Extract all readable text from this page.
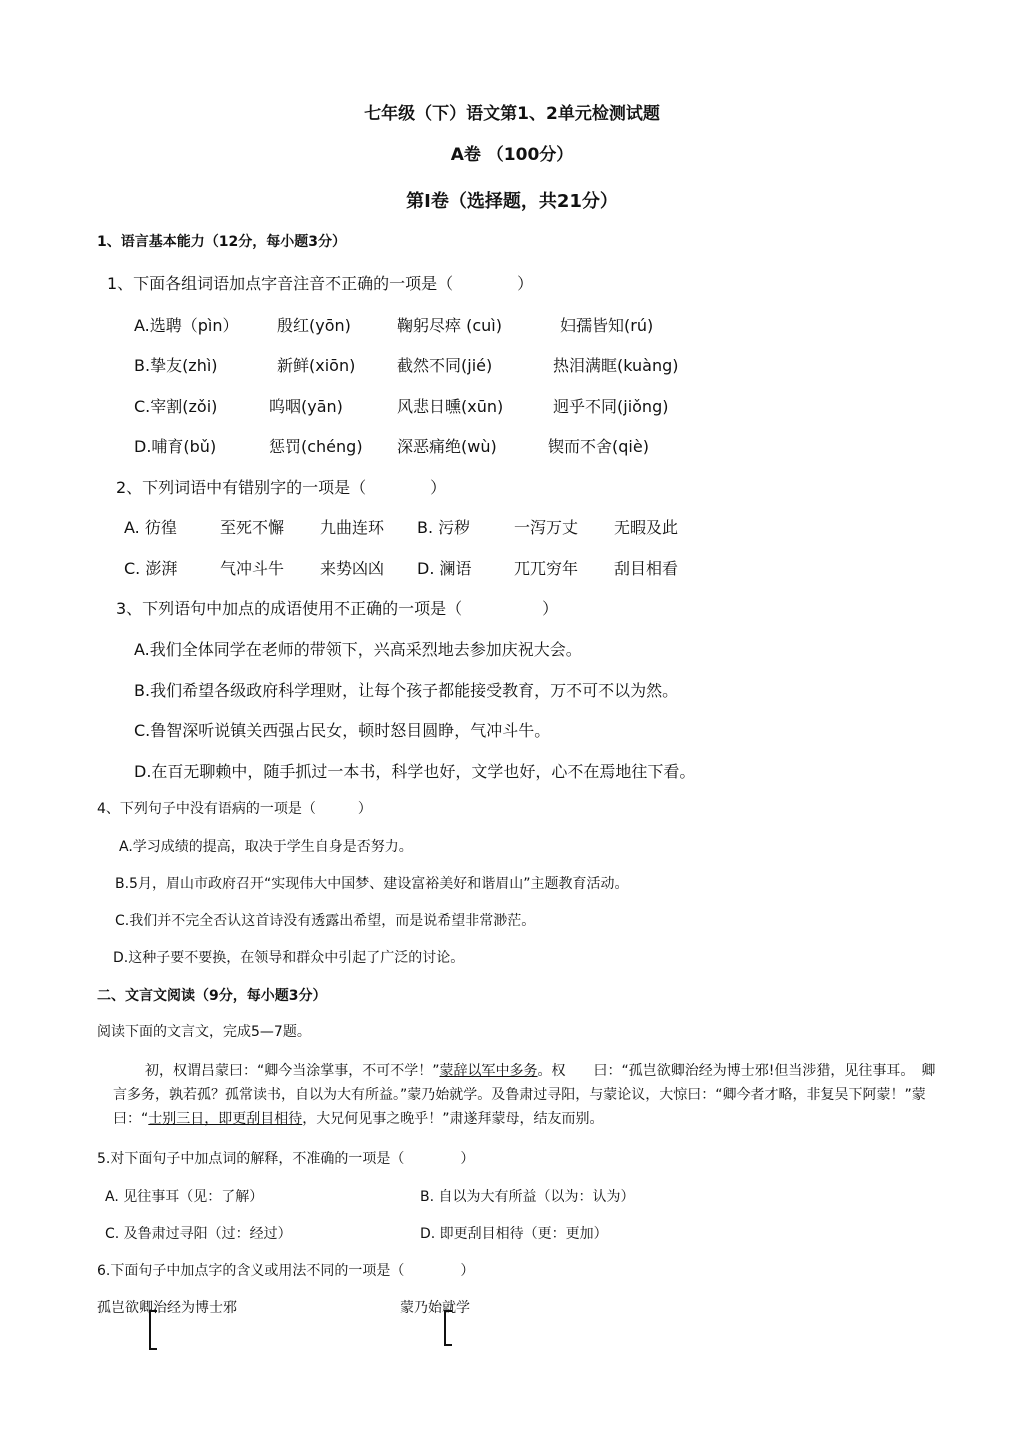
七年级（下）语文第1、2单元检测试题
A卷 （100分）
第Ⅰ卷（选择题，共21分）
1、语言基本能力（12分，每小题3分）
1、下面各组词语加点字音注音不正确的一项是（　　　　）
A.选聘（pìn）	殷红(yōn)	鞠躬尽瘁 (cuì)	妇孺皆知(rú)
B.挚友(zhì)	新鲜(xiōn)	截然不同(jié)	热泪满眶(kuàng)
C.宰割(zǒi)	呜咽(yān)	风悲日曛(xūn)	迥乎不同(jiǒng)
D.哺育(bǔ)	惩罚(chéng)	深恶痛绝(wù)	锲而不舍(qiè)
2、下列词语中有错别字的一项是（　　　　）
A. 彷徨	至死不懈	九曲连环	B. 污秽	一泻万丈	无暇及此
C. 澎湃	气冲斗牛	来势凶凶	D. 澜语	兀兀穷年	刮目相看
3、下列语句中加点的成语使用不正确的一项是（　　　　　）
A.我们全体同学在老师的带领下，兴高采烈地去参加庆祝大会。
B.我们希望各级政府科学理财，让每个孩子都能接受教育，万不可不以为然。
C.鲁智深听说镇关西强占民女，顿时怒目圆睁，气冲斗牛。
D.在百无聊赖中，随手抓过一本书，科学也好，文学也好，心不在焉地往下看。
4、下列句子中没有语病的一项是（　　　）
A.学习成绩的提高，取决于学生自身是否努力。
B.5月，眉山市政府召开“实现伟大中国梦、建设富裕美好和谐眉山”主题教育活动。
C.我们并不完全否认这首诗没有透露出希望，而是说希望非常渺茫。
D.这种子要不要换，在领导和群众中引起了广泛的讨论。
二、文言文阅读（9分，每小题3分）
阅读下面的文言文，完成5—7题。
初，权谓吕蒙曰：“卿今当涂掌事，不可不学！”蒙辞以军中多务。权　　曰：“孤岂欲卿治经为博士邪!但当涉猎，见往事耳。　卿言多务，孰若孤？孤常读书，自以为大有所益。”蒙乃始就学。及鲁肃过寻阳，与蒙论议，大惊曰：“卿今者才略，非复吴下阿蒙！”蒙曰：“士别三日，即更刮目相待，大兄何见事之晚乎！”肃遂拜蒙母，结友而别。
5.对下面句子中加点词的解释，不准确的一项是（　　　　）
A. 见往事耳（见：了解）	B. 自以为大有所益（以为：认为）
C. 及鲁肃过寻阳（过：经过）	D. 即更刮目相待（更：更加）
6.下面句子中加点字的含义或用法不同的一项是（　　　　）
孤岂欲卿治经为博士邪	蒙乃始就学
